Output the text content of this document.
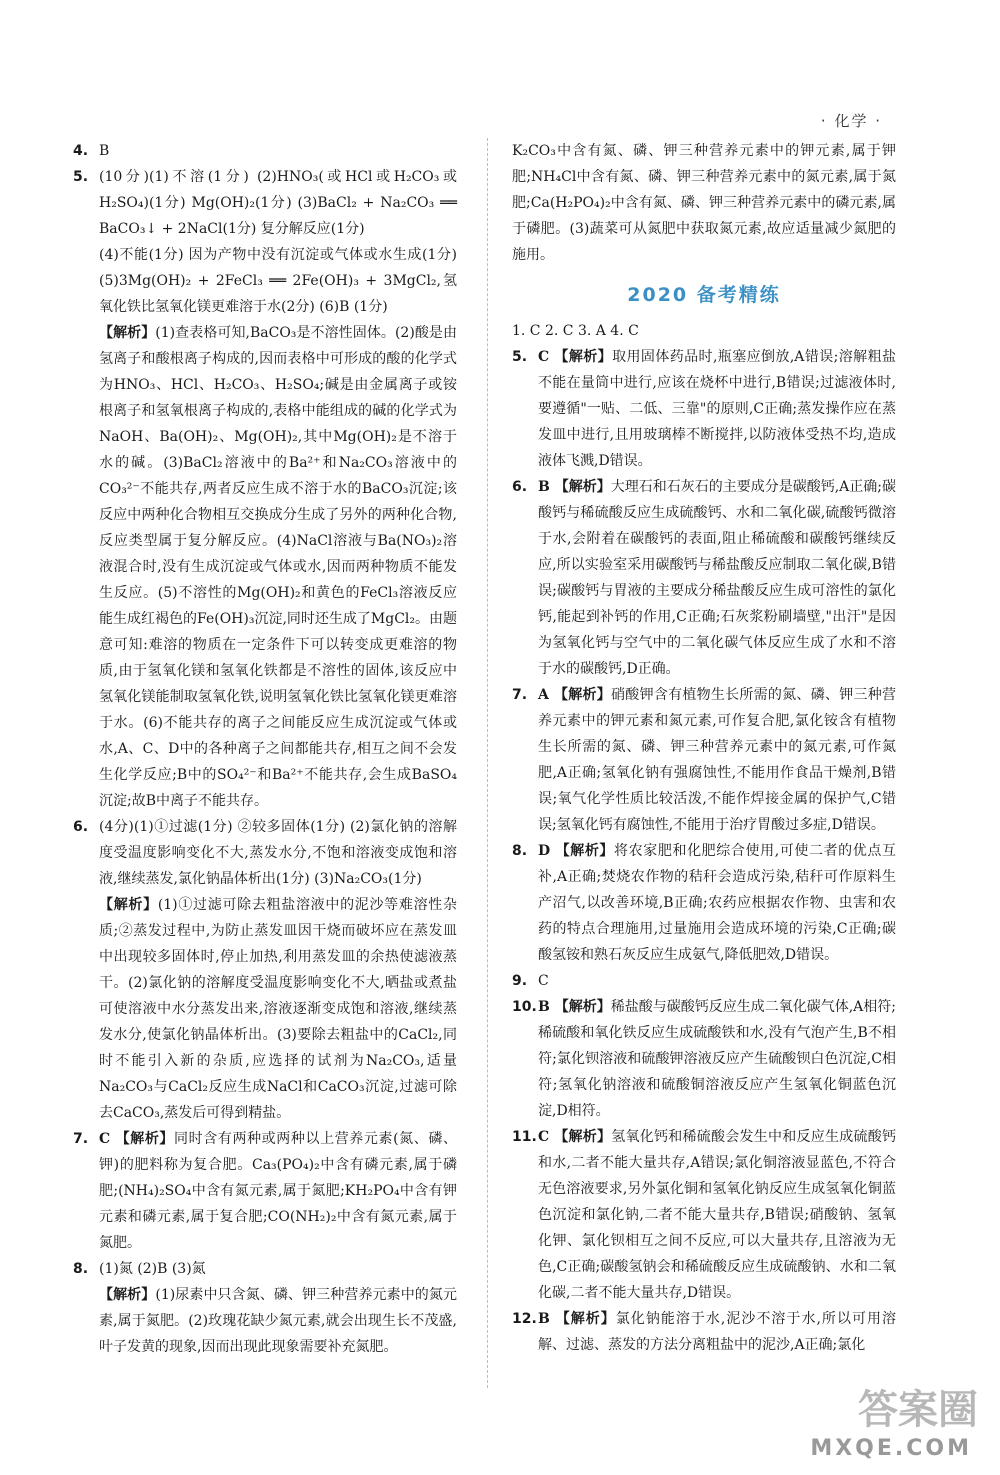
· 化学 ·

4. B

5. (10分)(1)不溶(1分) (2)HNO₃(或HCl或H₂CO₃或H₂SO₄)(1分) Mg(OH)₂(1分) (3)BaCl₂ + Na₂CO₃ ══ BaCO₃↓ + 2NaCl(1分) 复分解反应(1分)

(4)不能(1分) 因为产物中没有沉淀或气体或水生成(1分) (5)3Mg(OH)₂ + 2FeCl₃ ══ 2Fe(OH)₃ + 3MgCl₂,氢氧化铁比氢氧化镁更难溶于水(2分) (6)B (1分)

【解析】(1)查表格可知,BaCO₃是不溶性固体。(2)酸是由氢离子和酸根离子构成的,因而表格中可形成的酸的化学式为HNO₃、HCl、H₂CO₃、H₂SO₄;碱是由金属离子或铵根离子和氢氧根离子构成的,表格中能组成的碱的化学式为NaOH、Ba(OH)₂、Mg(OH)₂,其中Mg(OH)₂是不溶于水的碱。(3)BaCl₂溶液中的Ba²⁺和Na₂CO₃溶液中的CO₃²⁻不能共存,两者反应生成不溶于水的BaCO₃沉淀;该反应中两种化合物相互交换成分生成了另外的两种化合物,反应类型属于复分解反应。(4)NaCl溶液与Ba(NO₃)₂溶液混合时,没有生成沉淀或气体或水,因而两种物质不能发生反应。(5)不溶性的Mg(OH)₂和黄色的FeCl₃溶液反应能生成红褐色的Fe(OH)₃沉淀,同时还生成了MgCl₂。由题意可知:难溶的物质在一定条件下可以转变成更难溶的物质,由于氢氧化镁和氢氧化铁都是不溶性的固体,该反应中氢氧化镁能制取氢氧化铁,说明氢氧化铁比氢氧化镁更难溶于水。(6)不能共存的离子之间能反应生成沉淀或气体或水,A、C、D中的各种离子之间都能共存,相互之间不会发生化学反应;B中的SO₄²⁻和Ba²⁺不能共存,会生成BaSO₄沉淀;故B中离子不能共存。

6. (4分)(1)①过滤(1分) ②较多固体(1分) (2)氯化钠的溶解度受温度影响变化不大,蒸发水分,不饱和溶液变成饱和溶液,继续蒸发,氯化钠晶体析出(1分) (3)Na₂CO₃(1分)

【解析】(1)①过滤可除去粗盐溶液中的泥沙等难溶性杂质;②蒸发过程中,为防止蒸发皿因干烧而破坏应在蒸发皿中出现较多固体时,停止加热,利用蒸发皿的余热使滤液蒸干。(2)氯化钠的溶解度受温度影响变化不大,晒盐或煮盐可使溶液中水分蒸发出来,溶液逐渐变成饱和溶液,继续蒸发水分,使氯化钠晶体析出。(3)要除去粗盐中的CaCl₂,同时不能引入新的杂质,应选择的试剂为Na₂CO₃,适量Na₂CO₃与CaCl₂反应生成NaCl和CaCO₃沉淀,过滤可除去CaCO₃,蒸发后可得到精盐。

7. C 【解析】同时含有两种或两种以上营养元素(氮、磷、钾)的肥料称为复合肥。Ca₃(PO₄)₂中含有磷元素,属于磷肥;(NH₄)₂SO₄中含有氮元素,属于氮肥;KH₂PO₄中含有钾元素和磷元素,属于复合肥;CO(NH₂)₂中含有氮元素,属于氮肥。

8. (1)氮 (2)B (3)氮

【解析】(1)尿素中只含氮、磷、钾三种营养元素中的氮元素,属于氮肥。(2)玫瑰花缺少氮元素,就会出现生长不茂盛,叶子发黄的现象,因而出现此现象需要补充氮肥。

K₂CO₃中含有氮、磷、钾三种营养元素中的钾元素,属于钾肥;NH₄Cl中含有氮、磷、钾三种营养元素中的氮元素,属于氮肥;Ca(H₂PO₄)₂中含有氮、磷、钾三种营养元素中的磷元素,属于磷肥。(3)蔬菜可从氮肥中获取氮元素,故应适量减少氮肥的施用。

2020 备考精练

1. C 2. C 3. A 4. C

5. C 【解析】取用固体药品时,瓶塞应倒放,A错误;溶解粗盐不能在量筒中进行,应该在烧杯中进行,B错误;过滤液体时,要遵循"一贴、二低、三靠"的原则,C正确;蒸发操作应在蒸发皿中进行,且用玻璃棒不断搅拌,以防液体受热不均,造成液体飞溅,D错误。

6. B 【解析】大理石和石灰石的主要成分是碳酸钙,A正确;碳酸钙与稀硫酸反应生成硫酸钙、水和二氧化碳,硫酸钙微溶于水,会附着在碳酸钙的表面,阻止稀硫酸和碳酸钙继续反应,所以实验室采用碳酸钙与稀盐酸反应制取二氧化碳,B错误;碳酸钙与胃液的主要成分稀盐酸反应生成可溶性的氯化钙,能起到补钙的作用,C正确;石灰浆粉刷墙壁,"出汗"是因为氢氧化钙与空气中的二氧化碳气体反应生成了水和不溶于水的碳酸钙,D正确。

7. A 【解析】硝酸钾含有植物生长所需的氮、磷、钾三种营养元素中的钾元素和氮元素,可作复合肥,氯化铵含有植物生长所需的氮、磷、钾三种营养元素中的氮元素,可作氮肥,A正确;氢氧化钠有强腐蚀性,不能用作食品干燥剂,B错误;氧气化学性质比较活泼,不能作焊接金属的保护气,C错误;氢氧化钙有腐蚀性,不能用于治疗胃酸过多症,D错误。

8. D 【解析】将农家肥和化肥综合使用,可使二者的优点互补,A正确;焚烧农作物的秸秆会造成污染,秸秆可作原料生产沼气,以改善环境,B正确;农药应根据农作物、虫害和农药的特点合理施用,过量施用会造成环境的污染,C正确;碳酸氢铵和熟石灰反应生成氨气,降低肥效,D错误。

9. C

10. B 【解析】稀盐酸与碳酸钙反应生成二氧化碳气体,A相符;稀硫酸和氧化铁反应生成硫酸铁和水,没有气泡产生,B不相符;氯化钡溶液和硫酸钾溶液反应产生硫酸钡白色沉淀,C相符;氢氧化钠溶液和硫酸铜溶液反应产生氢氧化铜蓝色沉淀,D相符。

11. C 【解析】氢氧化钙和稀硫酸会发生中和反应生成硫酸钙和水,二者不能大量共存,A错误;氯化铜溶液显蓝色,不符合无色溶液要求,另外氯化铜和氢氧化钠反应生成氢氧化铜蓝色沉淀和氯化钠,二者不能大量共存,B错误;硝酸钠、氢氧化钾、氯化钡相互之间不反应,可以大量共存,且溶液为无色,C正确;碳酸氢钠会和稀硫酸反应生成硫酸钠、水和二氧化碳,二者不能大量共存,D错误。

12. B 【解析】氯化钠能溶于水,泥沙不溶于水,所以可用溶解、过滤、蒸发的方法分离粗盐中的泥沙,A正确;氯化

答案圈
MXQE.COM
